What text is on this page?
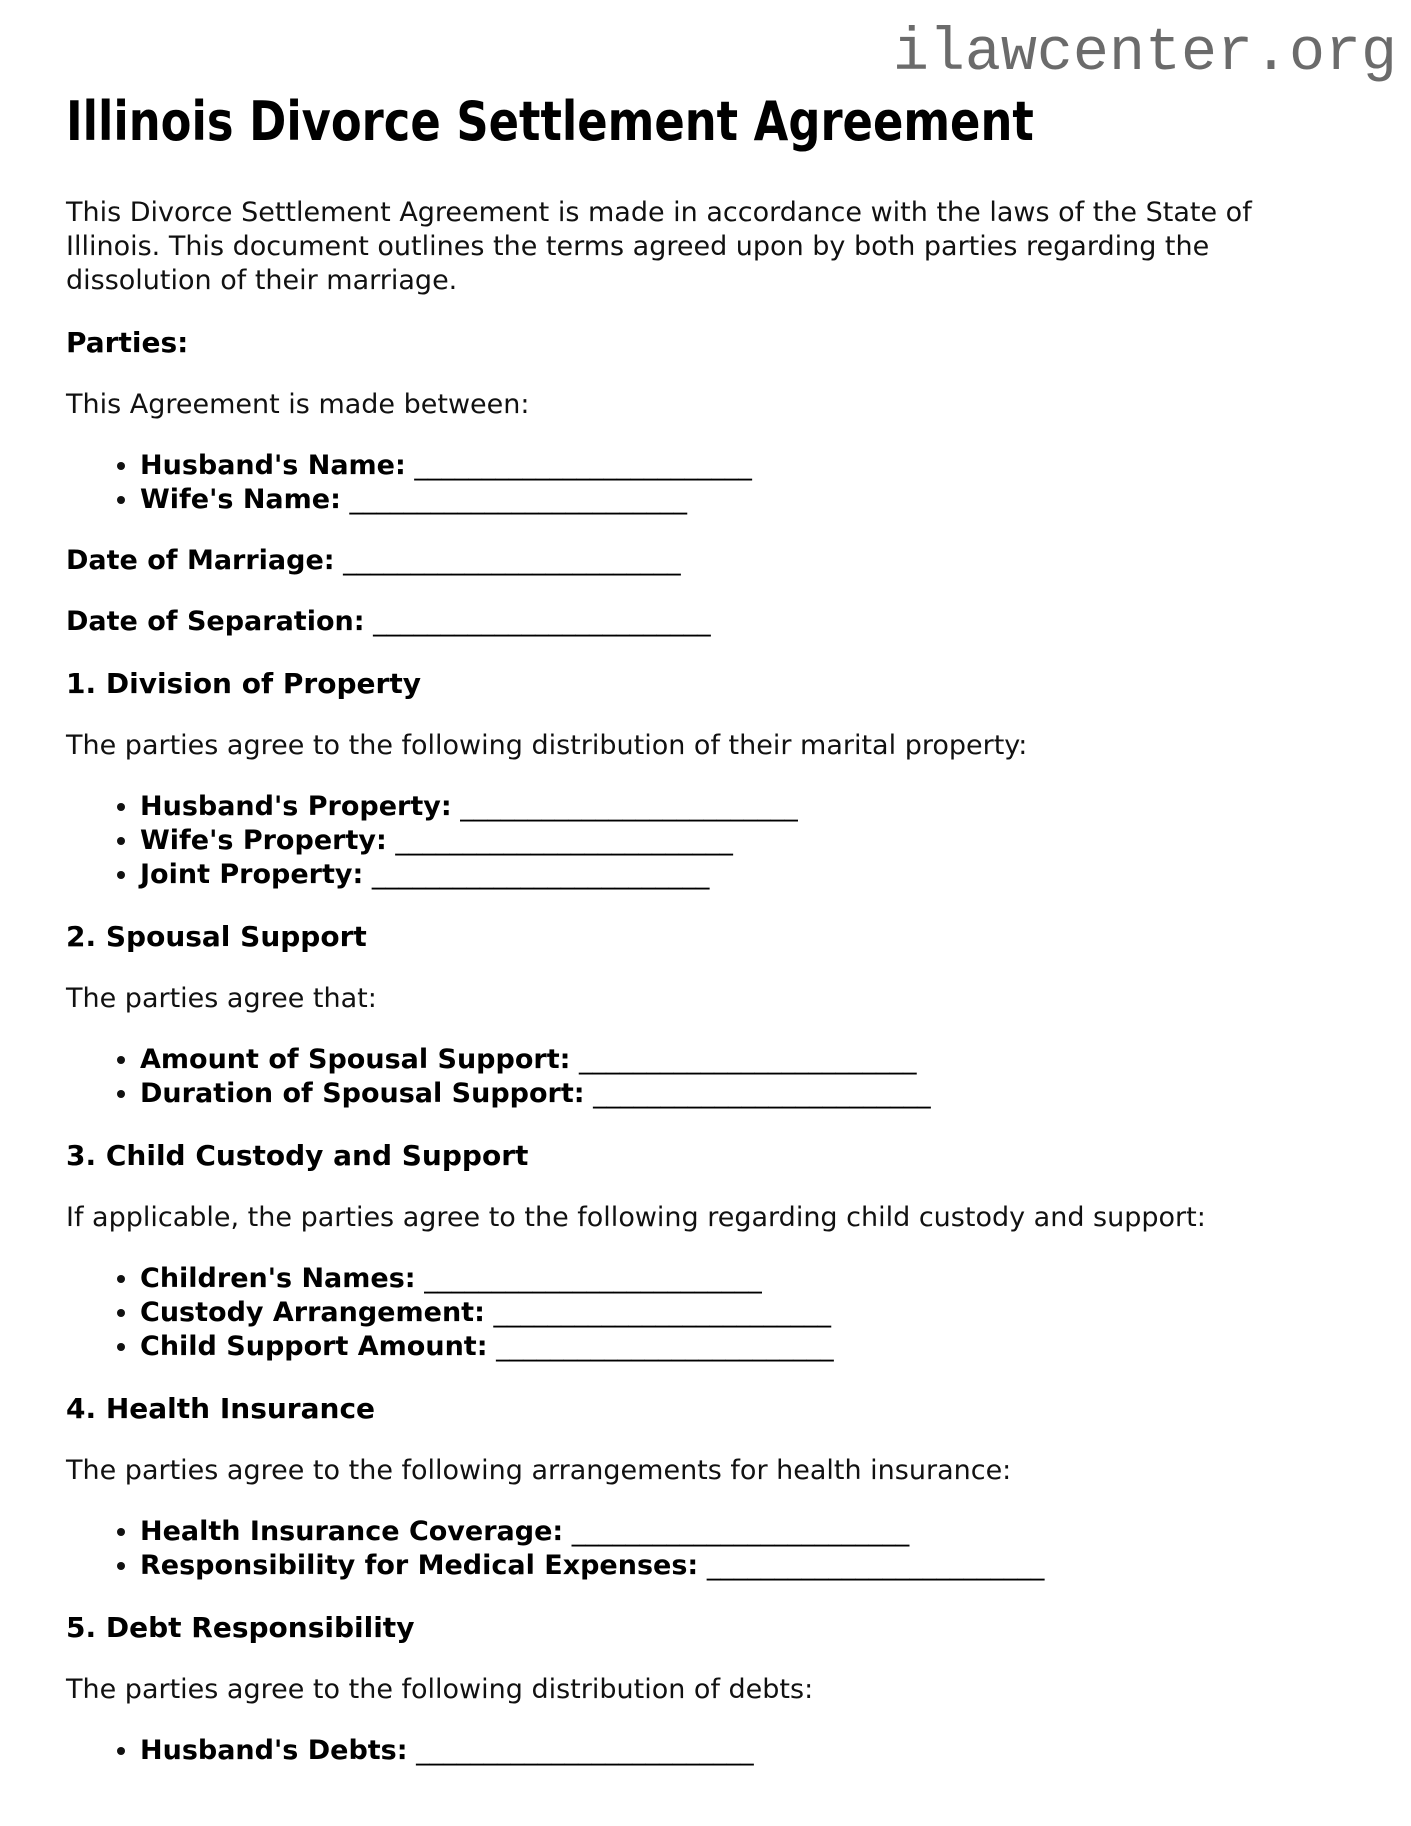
ilawcenter.org
Illinois Divorce Settlement Agreement

This Divorce Settlement Agreement is made in accordance with the laws of the State of Illinois. This document outlines the terms agreed upon by both parties regarding the dissolution of their marriage.

Parties:

This Agreement is made between:

• Husband's Name: _________________________
• Wife's Name: _________________________

Date of Marriage: _________________________

Date of Separation: _________________________

1. Division of Property

The parties agree to the following distribution of their marital property:

• Husband's Property: _________________________
• Wife's Property: _________________________
• Joint Property: _________________________
2. Spousal Support

The parties agree that:

• Amount of Spousal Support: _________________________
• Duration of Spousal Support: _________________________
3. Child Custody and Support

If applicable, the parties agree to the following regarding child custody and support:

• Children's Names: _________________________
• Custody Arrangement: _________________________
• Child Support Amount: _________________________
4. Health Insurance

The parties agree to the following arrangements for health insurance:

• Health Insurance Coverage: _________________________
• Responsibility for Medical Expenses: _________________________
5. Debt Responsibility

The parties agree to the following distribution of debts:

• Husband's Debts: _________________________
